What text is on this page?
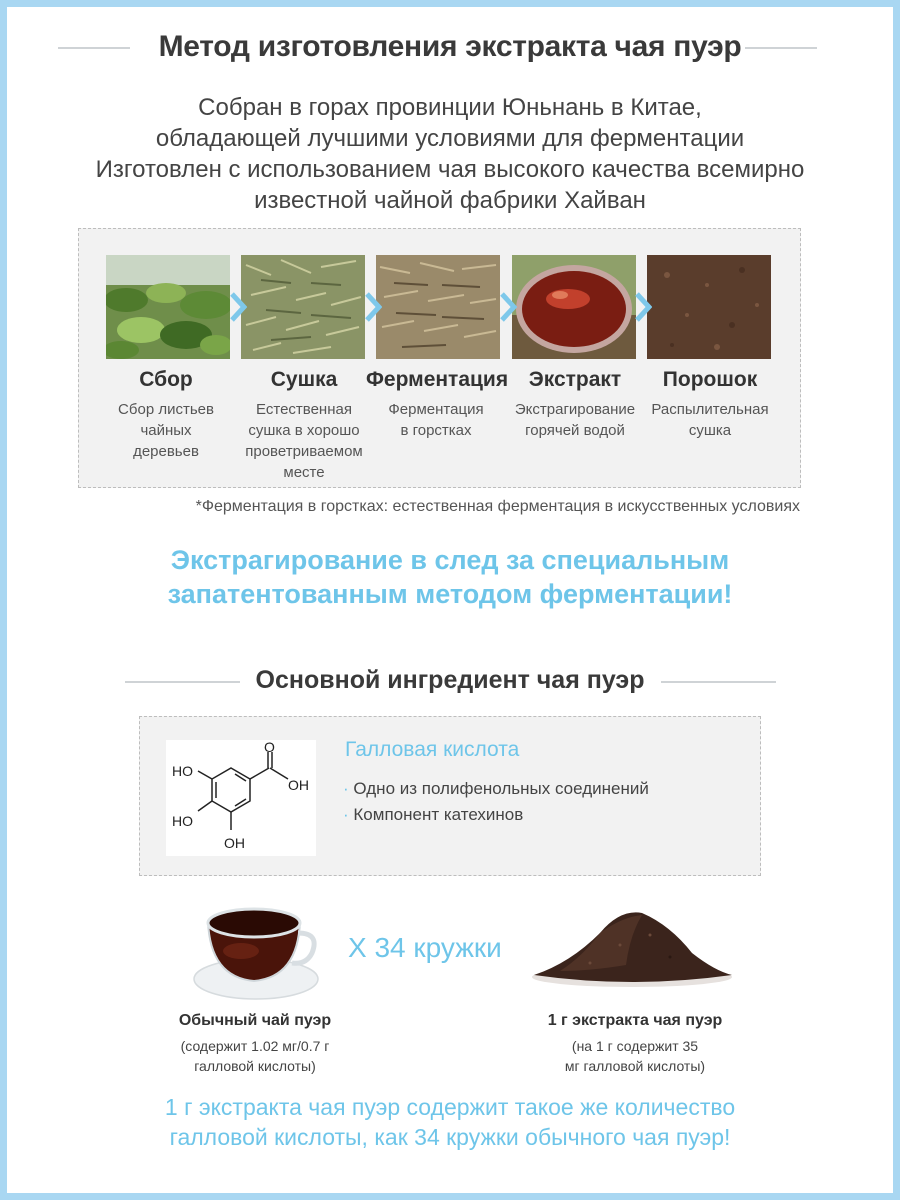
Метод изготовления экстракта чая пуэр
Собран в горах провинции Юньнань в Китае,
обладающей лучшими условиями для ферментации
Изготовлен с использованием чая высокого качества всемирно
известной чайной фабрики Хайван
Сбор
Сбор листьев
чайных
деревьев
Сушка
Естественная
сушка в хорошо
проветриваемом
месте
Ферментация
Ферментация
в горстках
Экстракт
Экстрагирование
горячей водой
Порошок
Распылительная
сушка
*Ферментация в горстках: естественная ферментация в искусственных условиях
Экстрагирование в след за специальным
запатентованным методом ферментации!
Основной ингредиент чая пуэр
O
OH
HO
HO
OH
Галловая кислота
· Одно из полифенольных соединений
· Компонент катехинов
X 34 кружки
Обычный чай пуэр
(содержит 1.02 мг/0.7 г
галловой кислоты)
1 г экстракта чая пуэр
(на 1 г содержит 35
мг галловой кислоты)
1 г экстракта чая пуэр содержит такое же количество
галловой кислоты, как 34 кружки обычного чая пуэр!
